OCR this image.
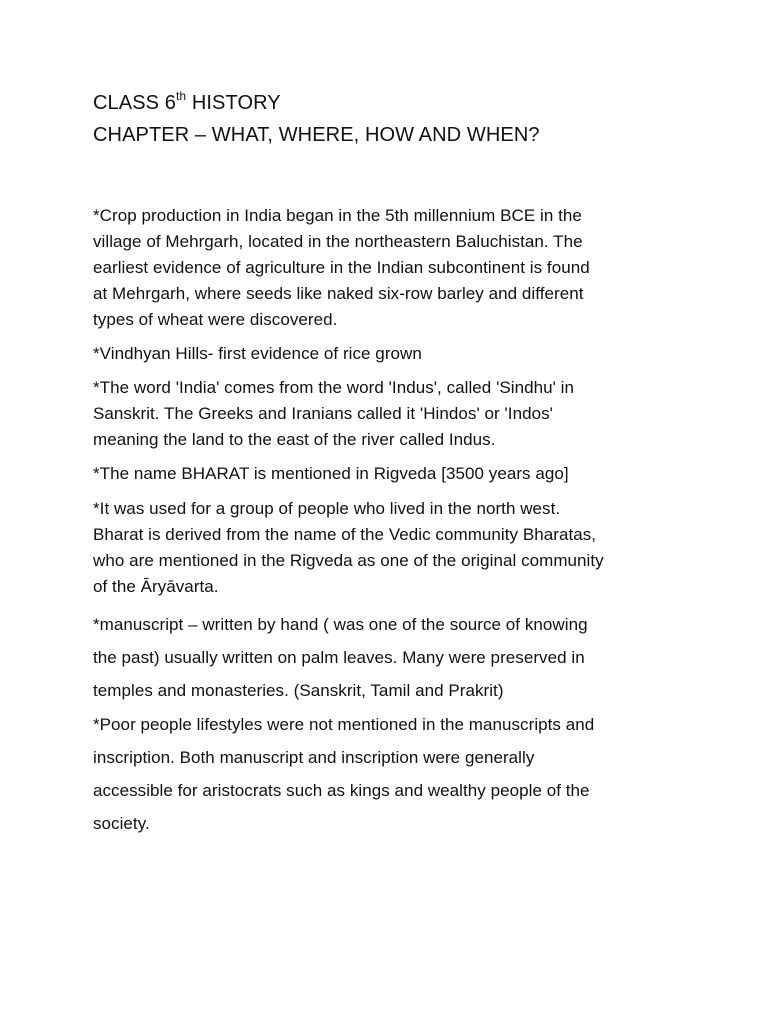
CLASS 6th HISTORY
CHAPTER – WHAT, WHERE, HOW AND WHEN?
*Crop production in India began in the 5th millennium BCE in the
village of Mehrgarh, located in the northeastern Baluchistan. The
earliest evidence of agriculture in the Indian subcontinent is found
at Mehrgarh, where seeds like naked six-row barley and different
types of wheat were discovered.
*Vindhyan Hills- first evidence of rice grown
*The word 'India' comes from the word 'Indus', called 'Sindhu' in
Sanskrit. The Greeks and Iranians called it 'Hindos' or 'Indos'
meaning the land to the east of the river called Indus.
*The name BHARAT is mentioned in Rigveda [3500 years ago]
*It was used for a group of people who lived in the north west.
Bharat is derived from the name of the Vedic community Bharatas,
who are mentioned in the Rigveda as one of the original community
of the Āryāvarta.
*manuscript – written by hand ( was one of the source of knowing
the past) usually written on palm leaves. Many were preserved in
temples and monasteries. (Sanskrit, Tamil and Prakrit)
*Poor people lifestyles were not mentioned in the manuscripts and
inscription. Both manuscript and inscription were generally
accessible for aristocrats such as kings and wealthy people of the
society.
